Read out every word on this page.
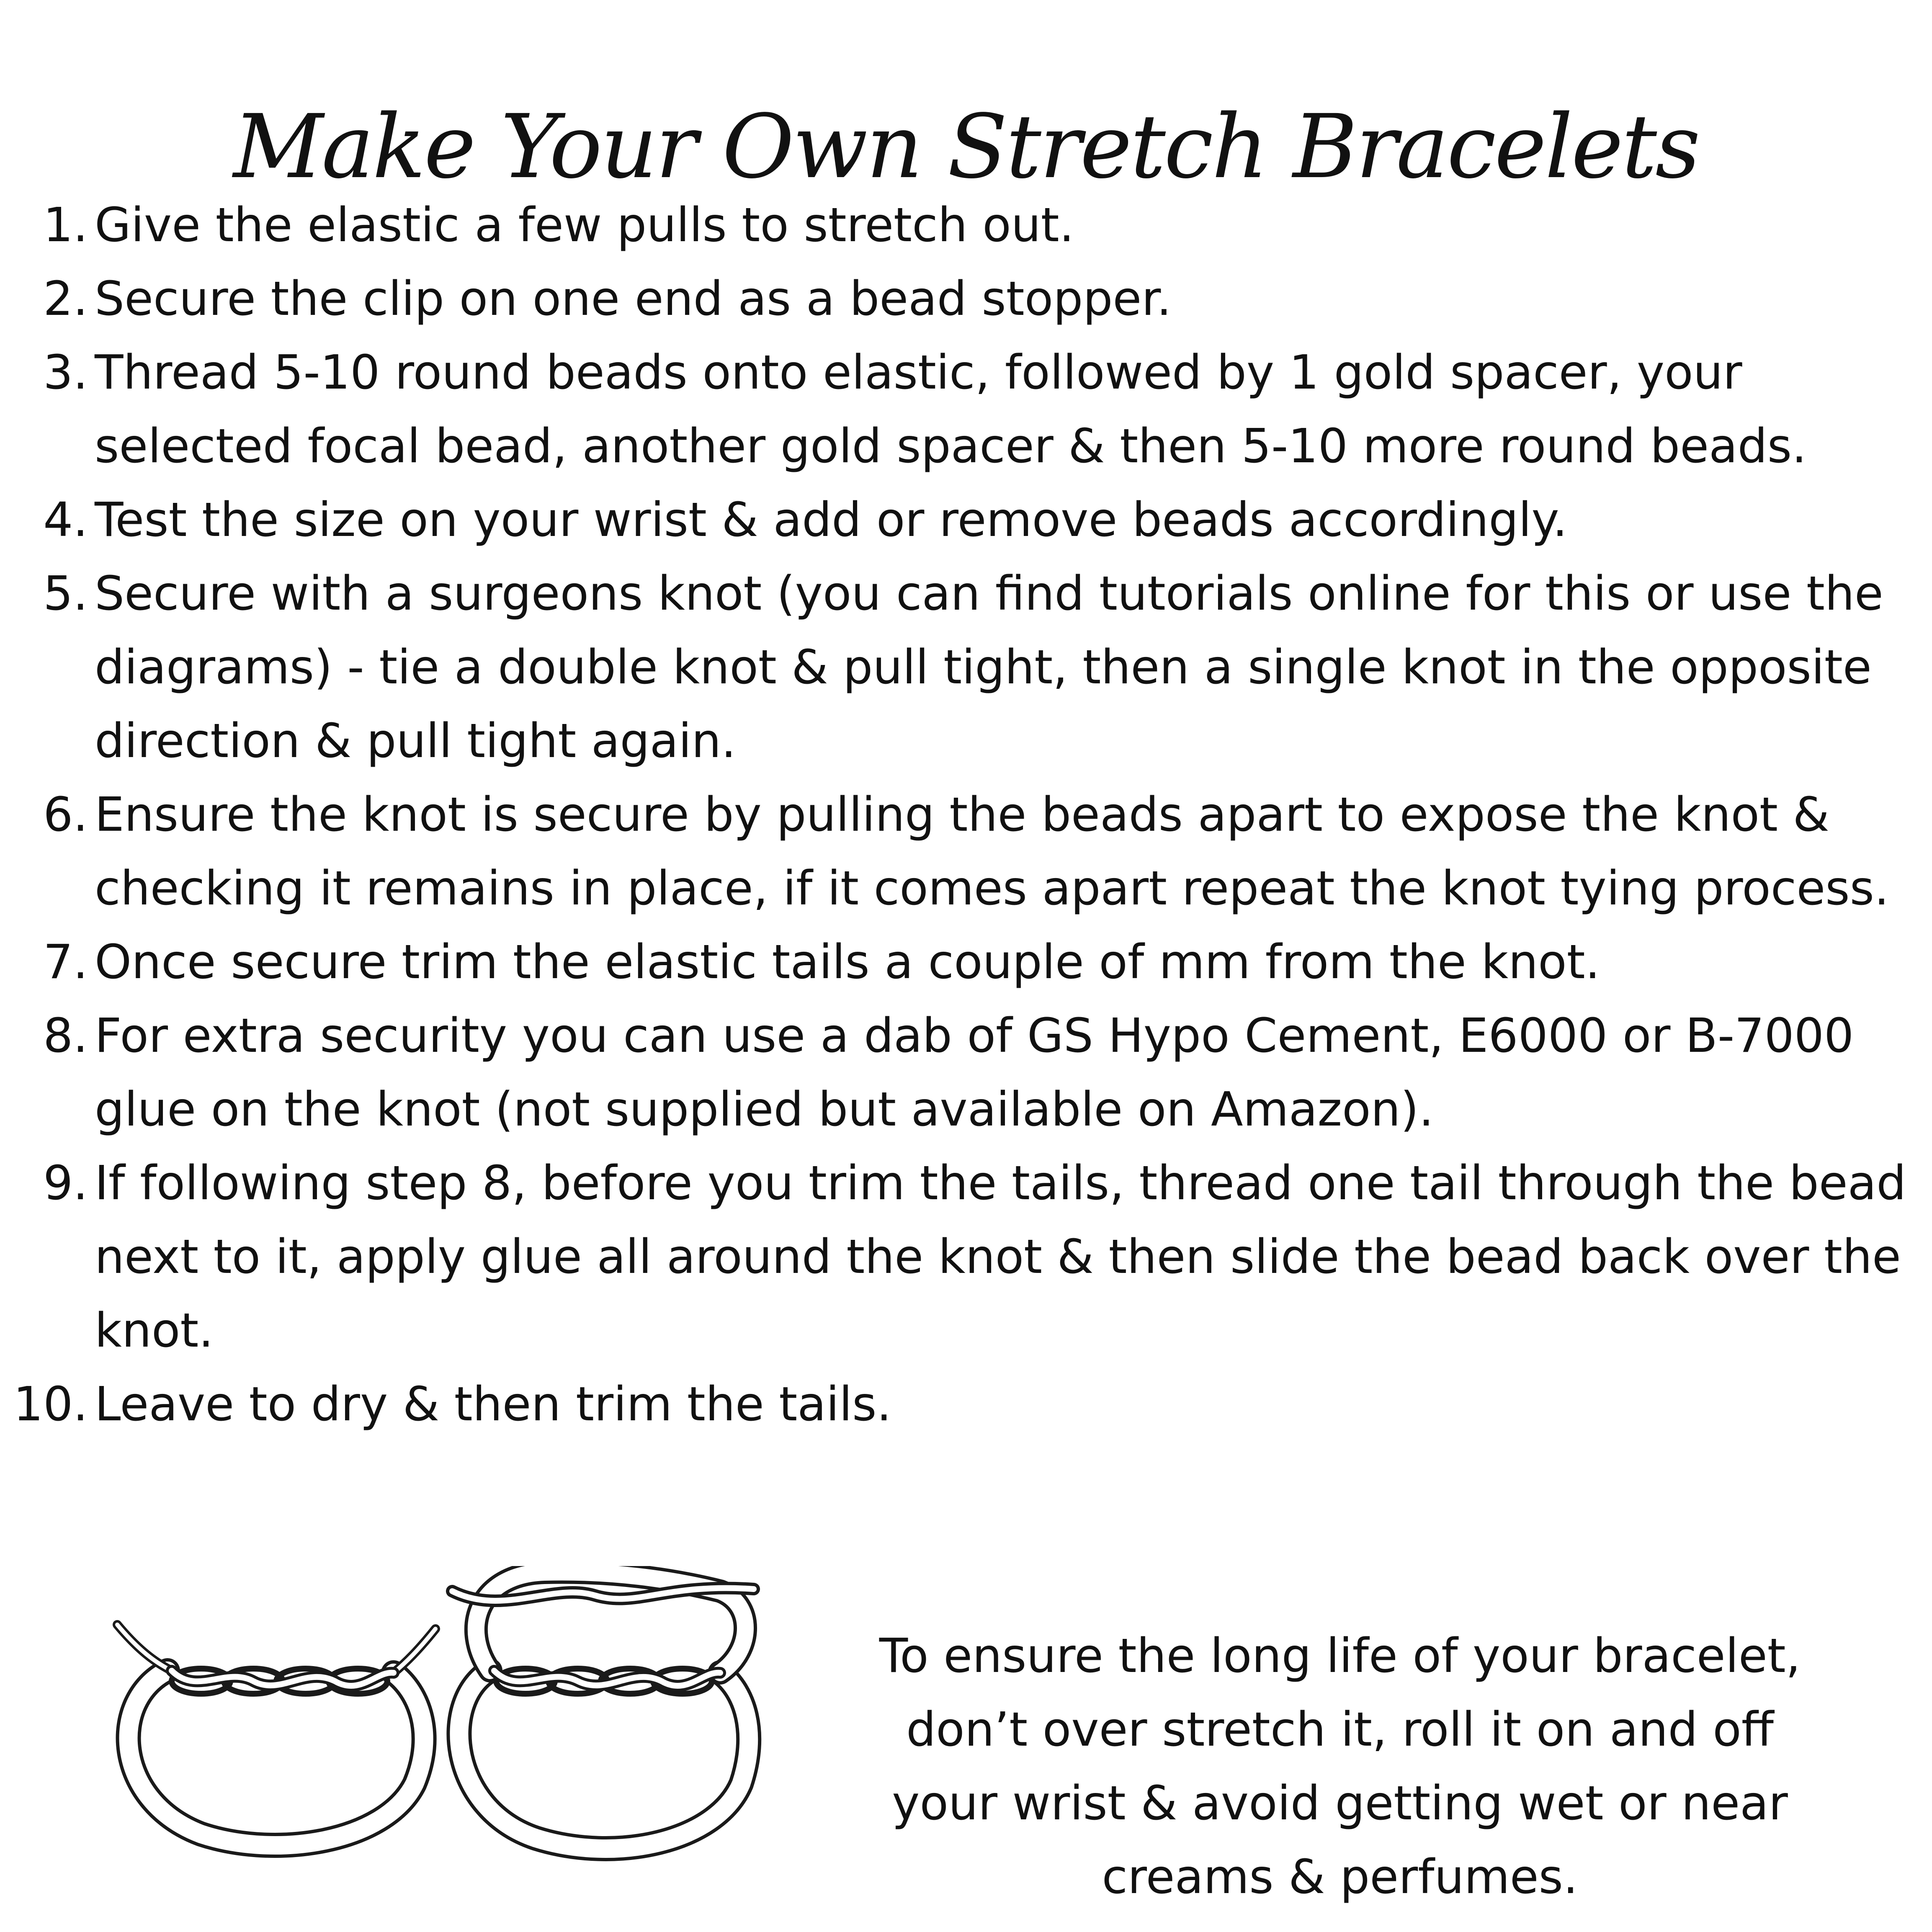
Make Your Own Stretch Bracelets
1. Give the elastic a few pulls to stretch out.
2. Secure the clip on one end as a bead stopper.
3. Thread 5-10 round beads onto elastic, followed by 1 gold spacer, your selected focal bead, another gold spacer & then 5-10 more round beads.
4. Test the size on your wrist & add or remove beads accordingly.
5. Secure with a surgeons knot (you can find tutorials online for this or use the diagrams) - tie a double knot & pull tight, then a single knot in the opposite direction & pull tight again.
6. Ensure the knot is secure by pulling the beads apart to expose the knot & checking it remains in place, if it comes apart repeat the knot tying process.
7. Once secure trim the elastic tails a couple of mm from the knot.
8. For extra security you can use a dab of GS Hypo Cement, E6000 or B-7000 glue on the knot (not supplied but available on Amazon).
9. If following step 8, before you trim the tails, thread one tail through the bead next to it, apply glue all around the knot & then slide the bead back over the knot.
10. Leave to dry & then trim the tails.

To ensure the long life of your bracelet, don’t over stretch it, roll it on and off your wrist & avoid getting wet or near creams & perfumes.
